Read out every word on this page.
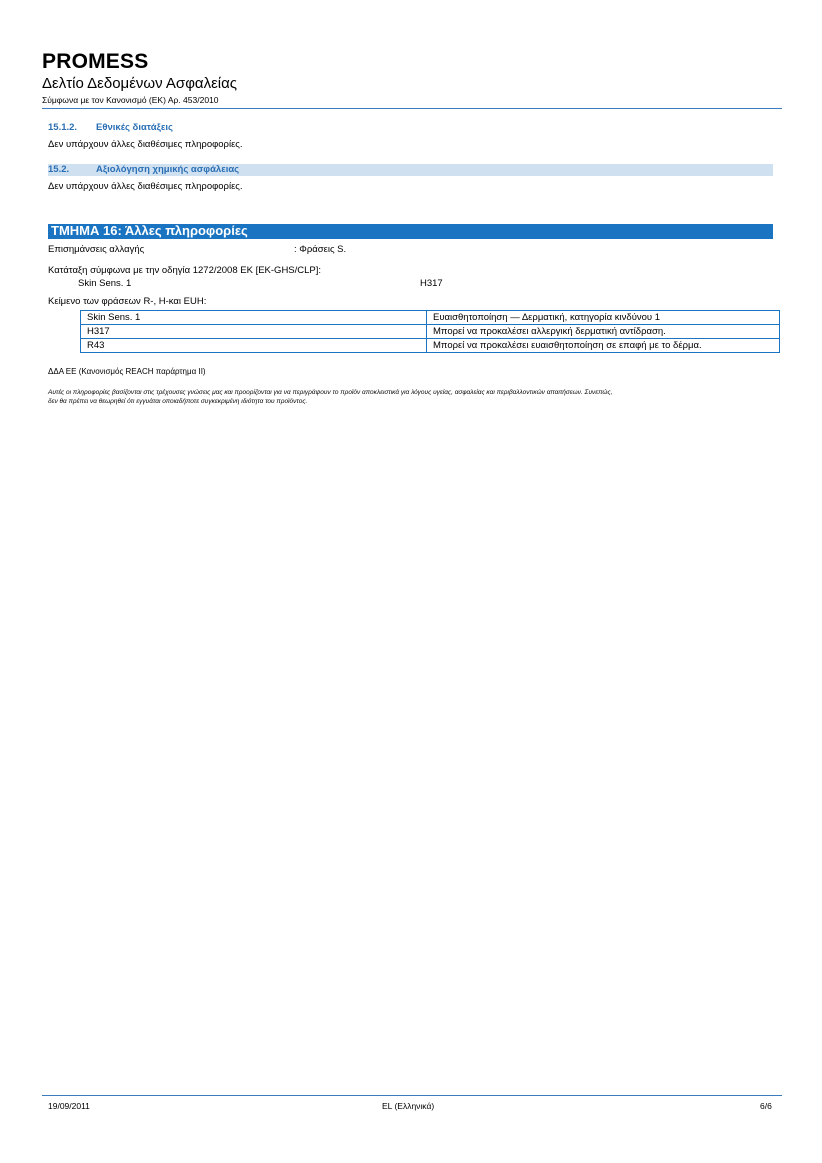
PROMESS
Δελτίο Δεδομένων Ασφαλείας
Σύμφωνα με τον Κανονισμό (ΕΚ) Αρ. 453/2010
15.1.2. Εθνικές διατάξεις
Δεν υπάρχουν άλλες διαθέσιμες πληροφορίες.
15.2.	Αξιολόγηση χημικής ασφάλειας
Δεν υπάρχουν άλλες διαθέσιμες πληροφορίες.
ΤΜΗΜΑ 16: Άλλες πληροφορίες
Επισημάνσεις αλλαγής	: Φράσεις S.
Κατάταξη σύμφωνα με την οδηγία 1272/2008 ΕΚ [ΕΚ-GHS/CLP]:
Skin Sens. 1	H317
Κείμενο των φράσεων R-, H-και EUH:
Skin Sens. 1	Ευαισθητοποίηση — Δερματική, κατηγορία κινδύνου 1
H317	Μπορεί να προκαλέσει αλλεργική δερματική αντίδραση.
R43	Μπορεί να προκαλέσει ευαισθητοποίηση σε επαφή με το δέρμα.
ΔΔΑ ΕΕ (Κανονισμός REACH παράρτημα II)
Αυτές οι πληροφορίες βασίζονται στις τρέχουσες γνώσεις μας και προορίζονται για να περιγράψουν το προϊόν αποκλειστικά για λόγους υγείας, ασφαλείας και περιβαλλοντικών απαιτήσεων. Συνεπώς,
δεν θα πρέπει να θεωρηθεί ότι εγγυάται οποιαδήποτε συγκεκριμένη ιδιότητα του προϊόντος.
19/09/2011	EL (Ελληνικά)	6/6
